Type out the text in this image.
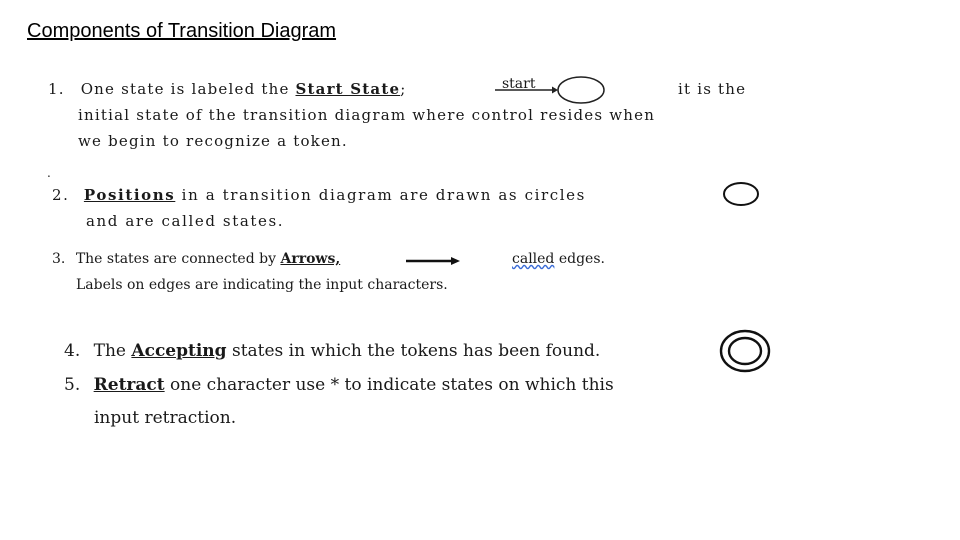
Components of Transition Diagram
1. One state is labeled the Start State;	start	it is the
initial state of the transition diagram where control resides when
we begin to recognize a token.
.
2. Positions in a transition diagram are drawn as circles
and are called states.
3. The states are connected by Arrows,	called edges.
Labels on edges are indicating the input characters.
4. The Accepting states in which the tokens has been found.
5. Retract one character use * to indicate states on which this
input retraction.
